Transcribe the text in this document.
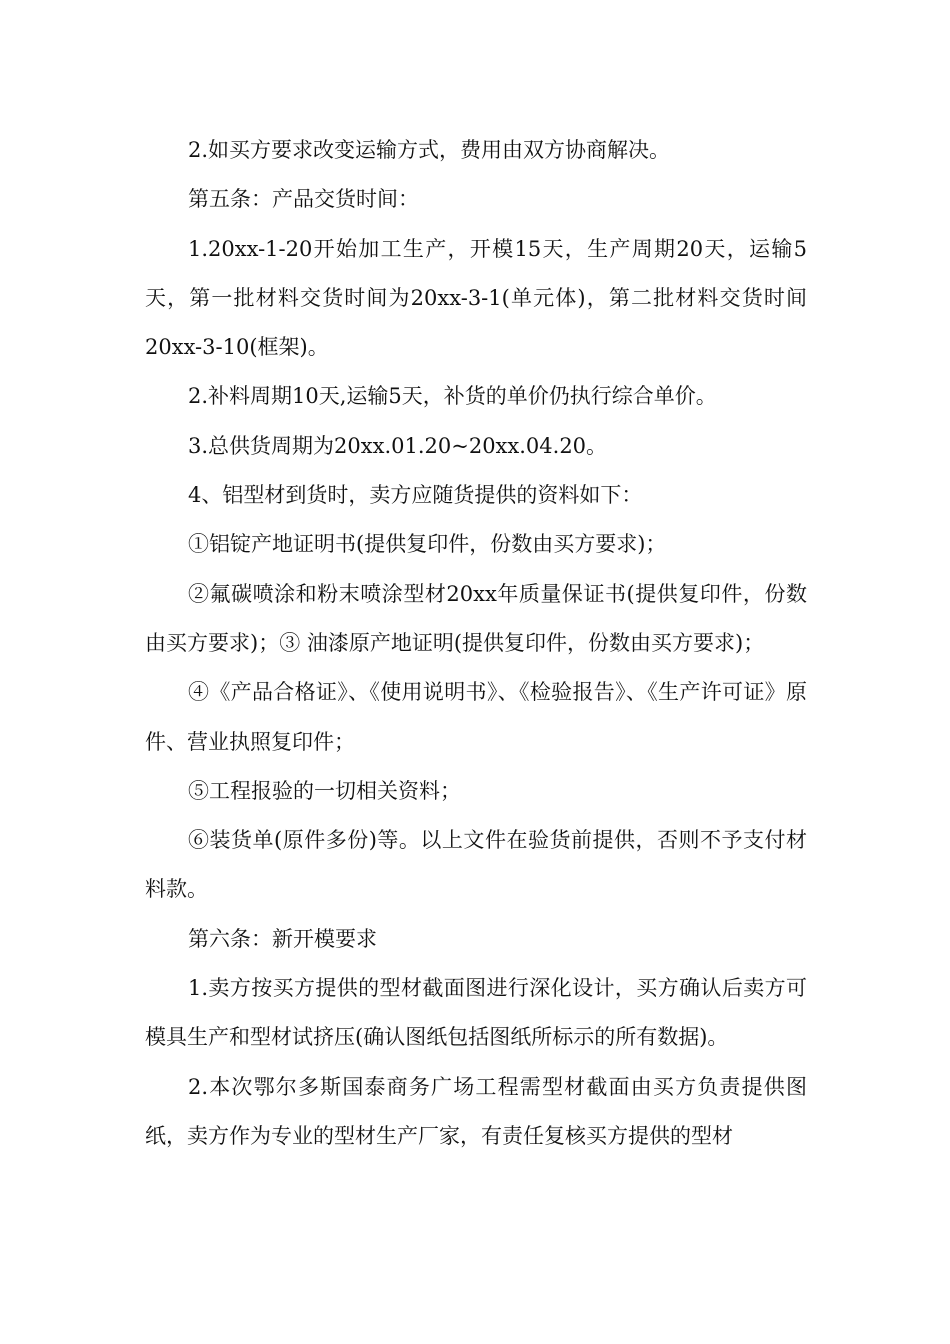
2.如买方要求改变运输方式，费用由双方协商解决。

第五条：产品交货时间：

1.20xx-1-20开始加工生产，开模15天，生产周期20天，运输5天，第一批材料交货时间为20xx-3-1(单元体)，第二批材料交货时间20xx-3-10(框架)。

2.补料周期10天,运输5天，补货的单价仍执行综合单价。

3.总供货周期为20xx.01.20~20xx.04.20。

4、铝型材到货时，卖方应随货提供的资料如下：

①铝锭产地证明书(提供复印件，份数由买方要求)；

②氟碳喷涂和粉末喷涂型材20xx年质量保证书(提供复印件，份数由买方要求)；③ 油漆原产地证明(提供复印件，份数由买方要求)；

④《产品合格证》、《使用说明书》、《检验报告》、《生产许可证》原件、营业执照复印件；

⑤工程报验的一切相关资料；

⑥装货单(原件多份)等。以上文件在验货前提供，否则不予支付材料款。

第六条：新开模要求

1.卖方按买方提供的型材截面图进行深化设计，买方确认后卖方可模具生产和型材试挤压(确认图纸包括图纸所标示的所有数据)。

2.本次鄂尔多斯国泰商务广场工程需型材截面由买方负责提供图纸，卖方作为专业的型材生产厂家，有责任复核买方提供的型材
